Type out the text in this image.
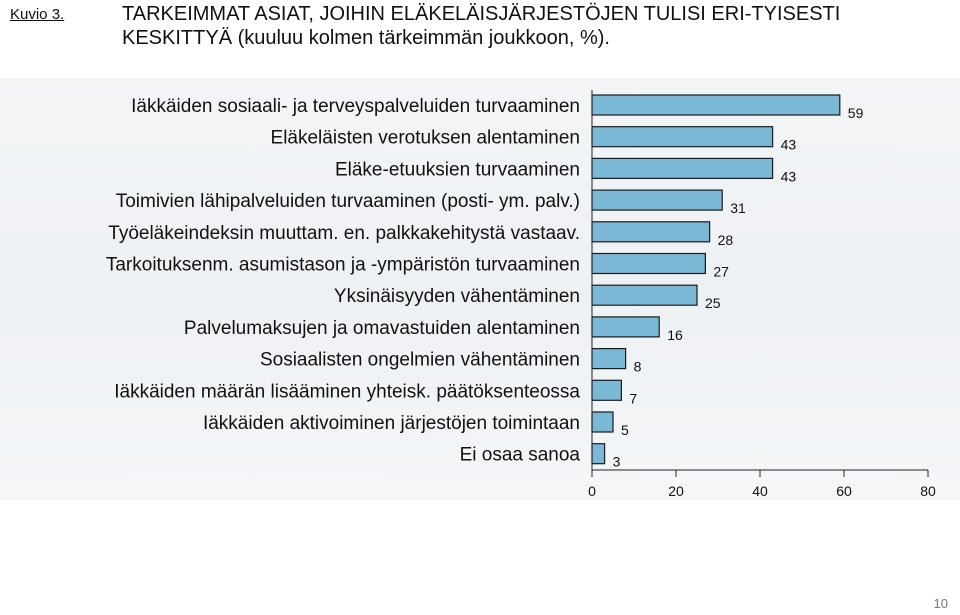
Kuvio 3.	TARKEIMMAT ASIAT, JOIHIN ELÄKELÄISJÄRJESTÖJEN TULISI ERI-TYISESTI KESKITTYÄ (kuuluu kolmen tärkeimmän joukkoon, %).
Iäkkäiden sosiaali- ja terveyspalveluiden turvaaminen	59
Eläkeläisten verotuksen alentaminen	43
Eläke-etuuksien turvaaminen	43
Toimivien lähipalveluiden turvaaminen (posti- ym. palv.)	31
Työeläkeindeksin muuttam. en. palkkakehitystä vastaav.	28
Tarkoituksenm. asumistason ja -ympäristön turvaaminen	27
Yksinäisyyden vähentäminen	25
Palvelumaksujen ja omavastuiden alentaminen	16
Sosiaalisten ongelmien vähentäminen	8
Iäkkäiden määrän lisääminen yhteisk. päätöksenteossa	7
Iäkkäiden aktivoiminen järjestöjen toimintaan	5
Ei osaa sanoa 3
0	20	40	60	80
10
